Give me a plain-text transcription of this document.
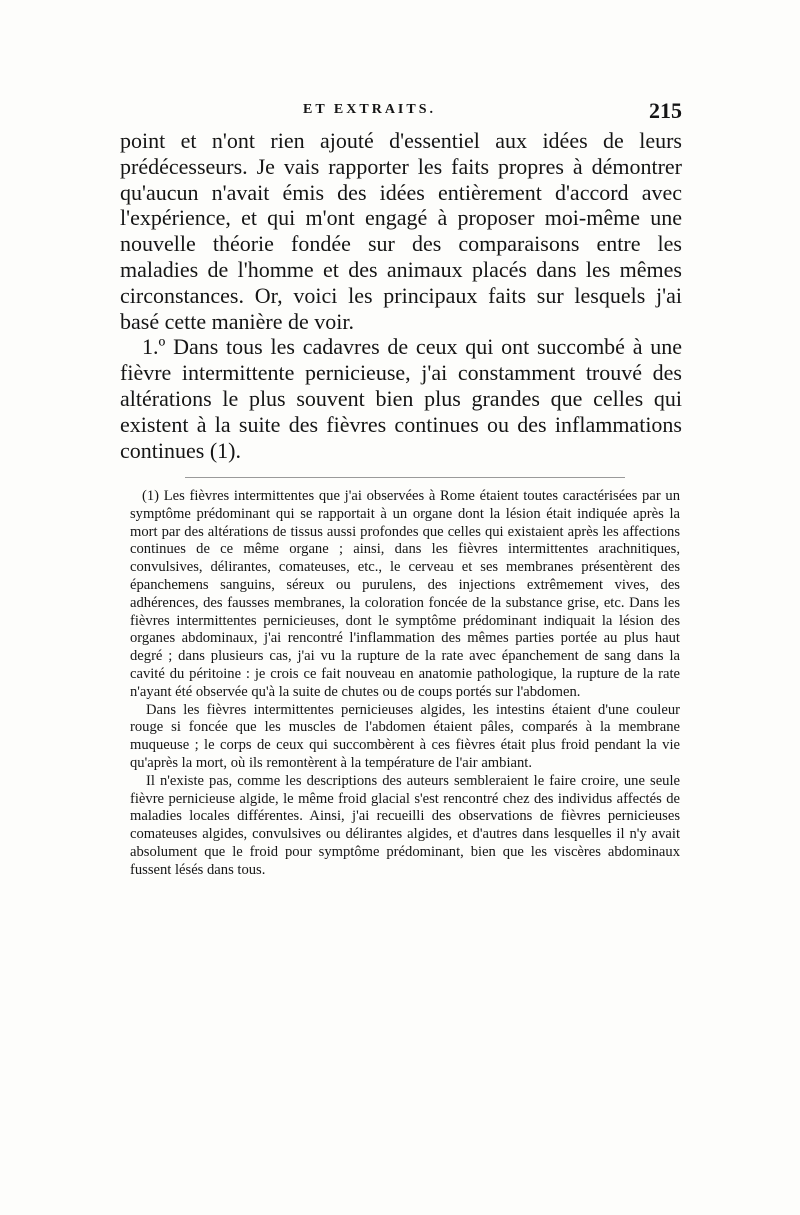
ET EXTRAITS.	215

point et n'ont rien ajouté d'essentiel aux idées de leurs prédécesseurs. Je vais rapporter les faits propres à démontrer qu'aucun n'avait émis des idées entièrement d'accord avec l'expérience, et qui m'ont engagé à proposer moi-même une nouvelle théorie fondée sur des comparaisons entre les maladies de l'homme et des animaux placés dans les mêmes circonstances. Or, voici les principaux faits sur lesquels j'ai basé cette manière de voir.

1.º Dans tous les cadavres de ceux qui ont succombé à une fièvre intermittente pernicieuse, j'ai constamment trouvé des altérations le plus souvent bien plus grandes que celles qui existent à la suite des fièvres continues ou des inflammations continues (1).

(1) Les fièvres intermittentes que j'ai observées à Rome étaient toutes caractérisées par un symptôme prédominant qui se rapportait à un organe dont la lésion était indiquée après la mort par des altérations de tissus aussi profondes que celles qui existaient après les affections continues de ce même organe ; ainsi, dans les fièvres intermittentes arachnitiques, convulsives, délirantes, comateuses, etc., le cerveau et ses membranes présentèrent des épanchemens sanguins, séreux ou purulens, des injections extrêmement vives, des adhérences, des fausses membranes, la coloration foncée de la substance grise, etc. Dans les fièvres intermittentes pernicieuses, dont le symptôme prédominant indiquait la lésion des organes abdominaux, j'ai rencontré l'inflammation des mêmes parties portée au plus haut degré ; dans plusieurs cas, j'ai vu la rupture de la rate avec épanchement de sang dans la cavité du péritoine : je crois ce fait nouveau en anatomie pathologique, la rupture de la rate n'ayant été observée qu'à la suite de chutes ou de coups portés sur l'abdomen.

Dans les fièvres intermittentes pernicieuses algides, les intestins étaient d'une couleur rouge si foncée que les muscles de l'abdomen étaient pâles, comparés à la membrane muqueuse ; le corps de ceux qui succombèrent à ces fièvres était plus froid pendant la vie qu'après la mort, où ils remontèrent à la température de l'air ambiant.

Il n'existe pas, comme les descriptions des auteurs sembleraient le faire croire, une seule fièvre pernicieuse algide, le même froid glacial s'est rencontré chez des individus affectés de maladies locales différentes. Ainsi, j'ai recueilli des observations de fièvres pernicieuses comateuses algides, convulsives ou délirantes algides, et d'autres dans lesquelles il n'y avait absolument que le froid pour symptôme prédominant, bien que les viscères abdominaux fussent lésés dans tous.
